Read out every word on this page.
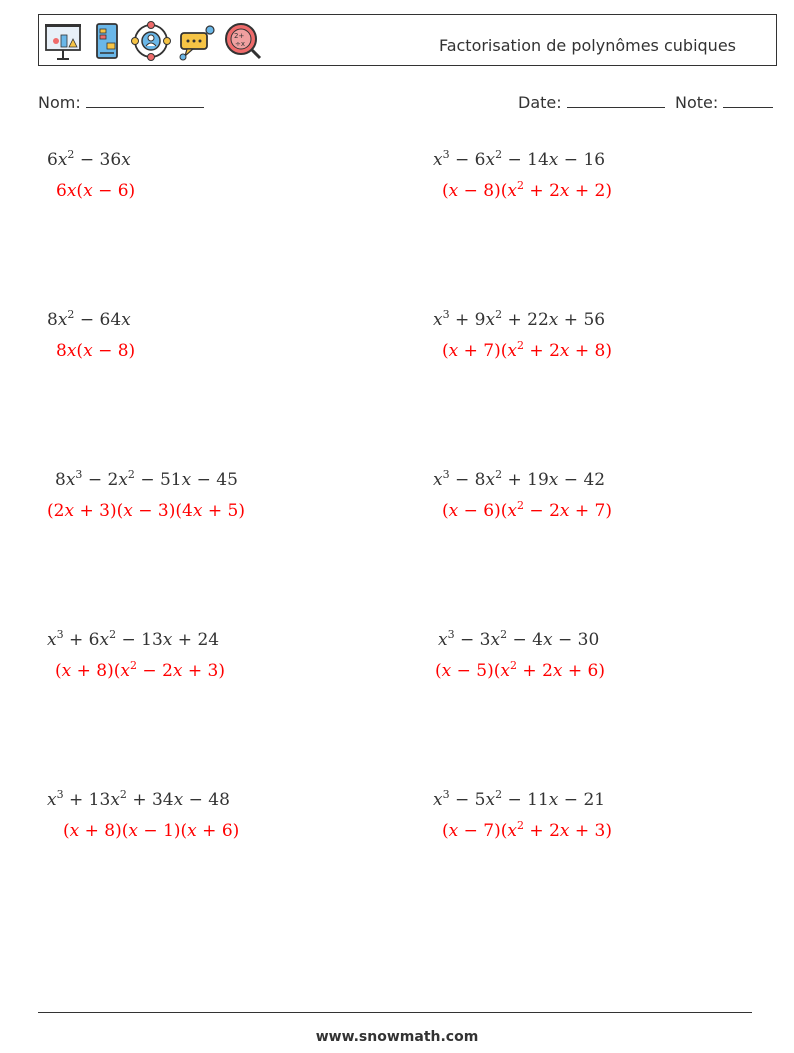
2+
÷x	Factorisation de polynômes cubiques
Nom:	Date:	Note:
$6x^2 - 36x$
6x(x − 6)
$x^3 - 6x^2 - 14x - 16$
$(x - 8)(x^2 + 2x + 2)$
$8x^2 - 64x$
8x(x − 8)
$x^3 + 9x^2 + 22x + 56$
$(x + 7)(x^2 + 2x + 8)$
$8x^3 - 2x^2 - 51x - 45$
(2x + 3)(x − 3)(4x + 5)
$x^3 - 8x^2 + 19x - 42$
$(x - 6)(x^2 - 2x + 7)$
$x^3 + 6x^2 - 13x + 24$
$(x + 8)(x^2 - 2x + 3)$
$x^3 - 3x^2 - 4x - 30$
$(x - 5)(x^2 + 2x + 6)$
$x^3 + 13x^2 + 34x - 48$
(x + 8)(x − 1)(x + 6)
$x^3 - 5x^2 - 11x - 21$
$(x - 7)(x^2 + 2x + 3)$
www.snowmath.com
